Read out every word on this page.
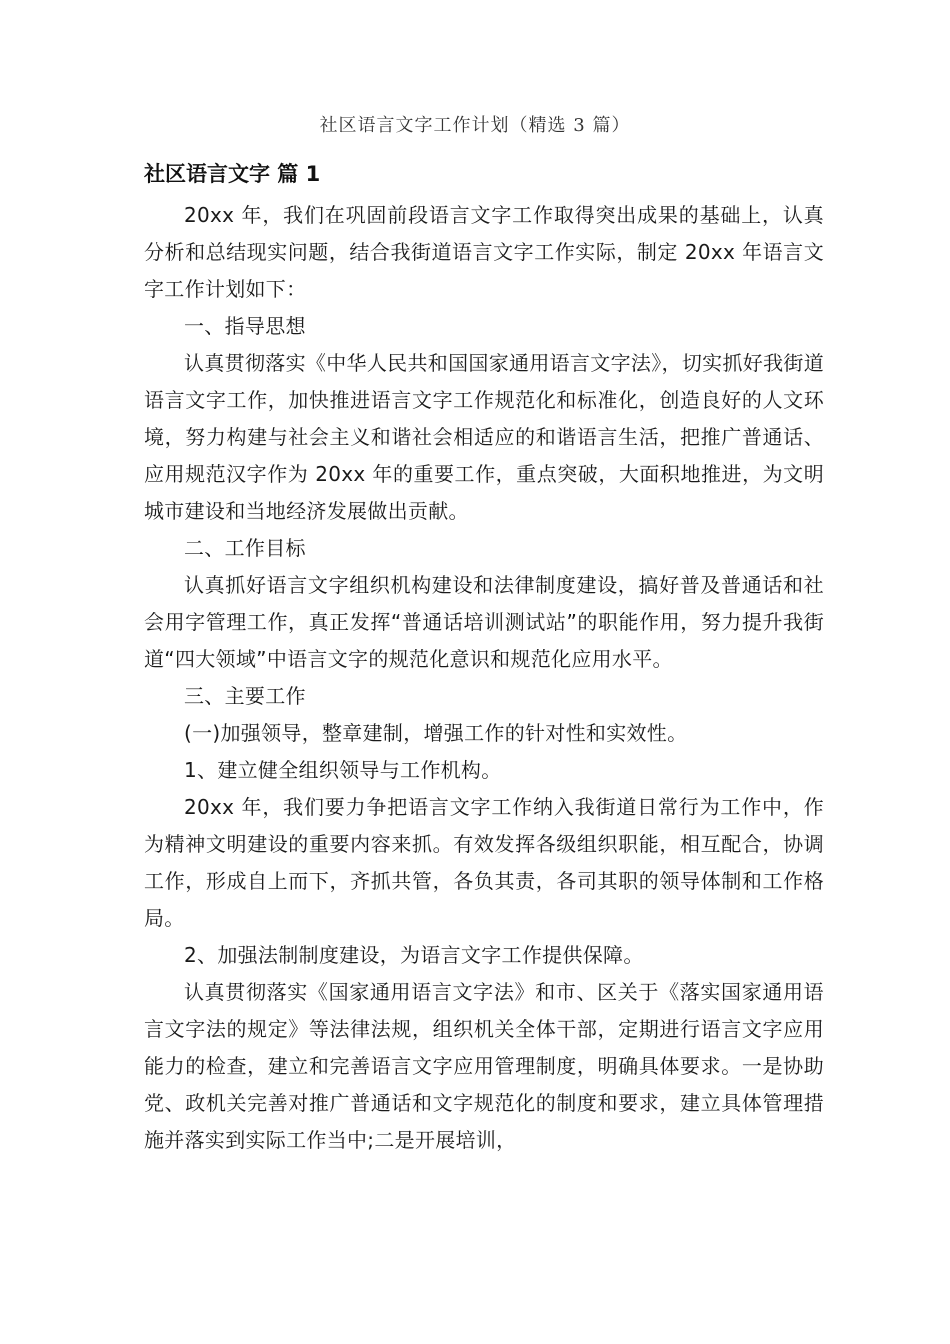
社区语言文字工作计划（精选 3 篇）
社区语言文字 篇 1

20xx 年，我们在巩固前段语言文字工作取得突出成果的基础上，认真分析和总结现实问题，结合我街道语言文字工作实际，制定 20xx 年语言文字工作计划如下：

一、指导思想

认真贯彻落实《中华人民共和国国家通用语言文字法》，切实抓好我街道语言文字工作，加快推进语言文字工作规范化和标准化，创造良好的人文环境，努力构建与社会主义和谐社会相适应的和谐语言生活，把推广普通话、应用规范汉字作为 20xx 年的重要工作，重点突破，大面积地推进，为文明城市建设和当地经济发展做出贡献。

二、工作目标

认真抓好语言文字组织机构建设和法律制度建设，搞好普及普通话和社会用字管理工作，真正发挥“普通话培训测试站”的职能作用，努力提升我街道“四大领域”中语言文字的规范化意识和规范化应用水平。

三、主要工作

(一)加强领导，整章建制，增强工作的针对性和实效性。

1、建立健全组织领导与工作机构。

20xx 年，我们要力争把语言文字工作纳入我街道日常行为工作中，作为精神文明建设的重要内容来抓。有效发挥各级组织职能，相互配合，协调工作，形成自上而下，齐抓共管，各负其责，各司其职的领导体制和工作格局。

2、加强法制制度建设，为语言文字工作提供保障。

认真贯彻落实《国家通用语言文字法》和市、区关于《落实国家通用语言文字法的规定》等法律法规，组织机关全体干部，定期进行语言文字应用能力的检查，建立和完善语言文字应用管理制度，明确具体要求。一是协助党、政机关完善对推广普通话和文字规范化的制度和要求，建立具体管理措施并落实到实际工作当中;二是开展培训，
